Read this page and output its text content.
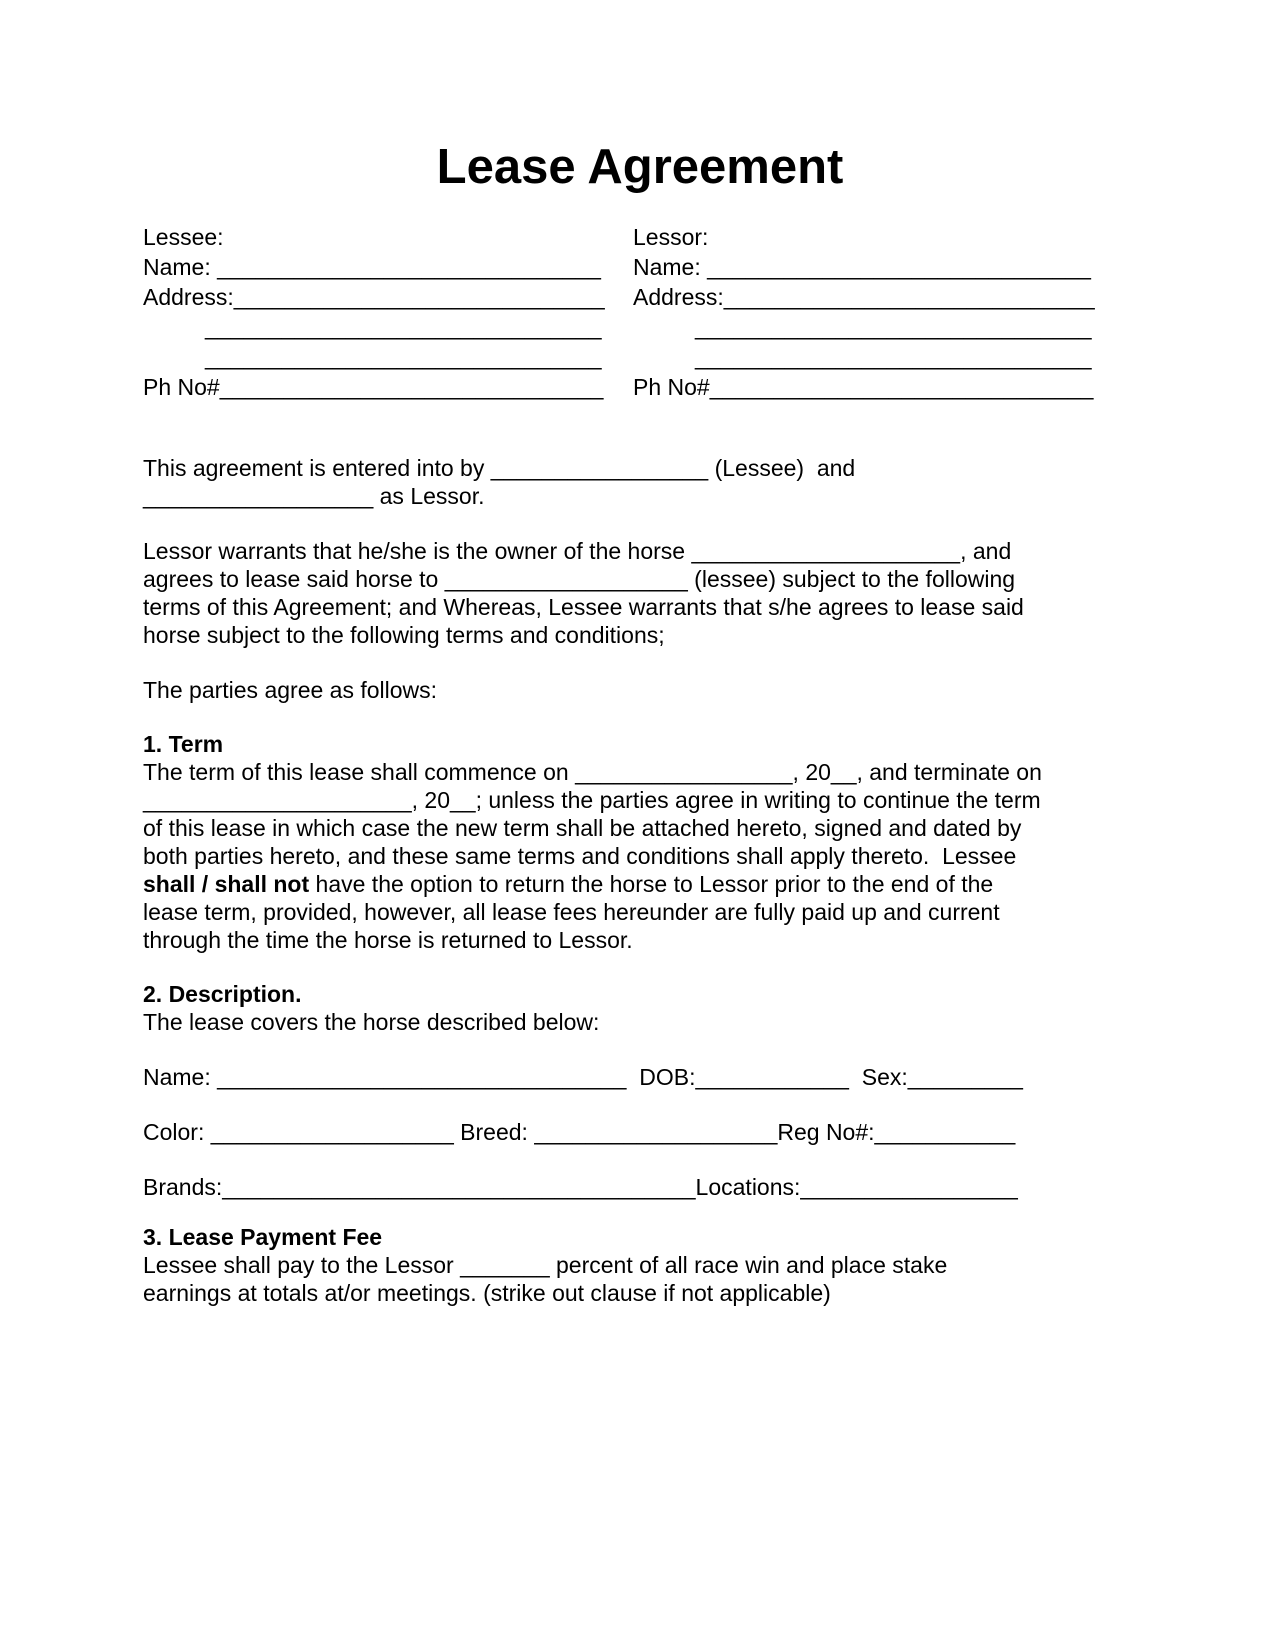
Lease Agreement
Lessee:
Name: ______________________________
Address:_____________________________
_______________________________
_______________________________
Ph No#______________________________
Lessor:
Name: ______________________________
Address:_____________________________
_______________________________
_______________________________
Ph No#______________________________
This agreement is entered into by _________________ (Lessee)  and
__________________ as Lessor.
Lessor warrants that he/she is the owner of the horse _____________________, and
agrees to lease said horse to ___________________ (lessee) subject to the following
terms of this Agreement; and Whereas, Lessee warrants that s/he agrees to lease said
horse subject to the following terms and conditions;
The parties agree as follows:
1. Term
The term of this lease shall commence on _________________, 20__, and terminate on
_____________________, 20__; unless the parties agree in writing to continue the term
of this lease in which case the new term shall be attached hereto, signed and dated by
both parties hereto, and these same terms and conditions shall apply thereto.  Lessee
shall / shall not have the option to return the horse to Lessor prior to the end of the
lease term, provided, however, all lease fees hereunder are fully paid up and current
through the time the horse is returned to Lessor.
2. Description.
The lease covers the horse described below:
Name: ________________________________  DOB:____________  Sex:_________
Color: ___________________ Breed: ___________________Reg No#:___________
Brands:_____________________________________Locations:_________________
3. Lease Payment Fee
Lessee shall pay to the Lessor _______ percent of all race win and place stake
earnings at totals at/or meetings. (strike out clause if not applicable)
